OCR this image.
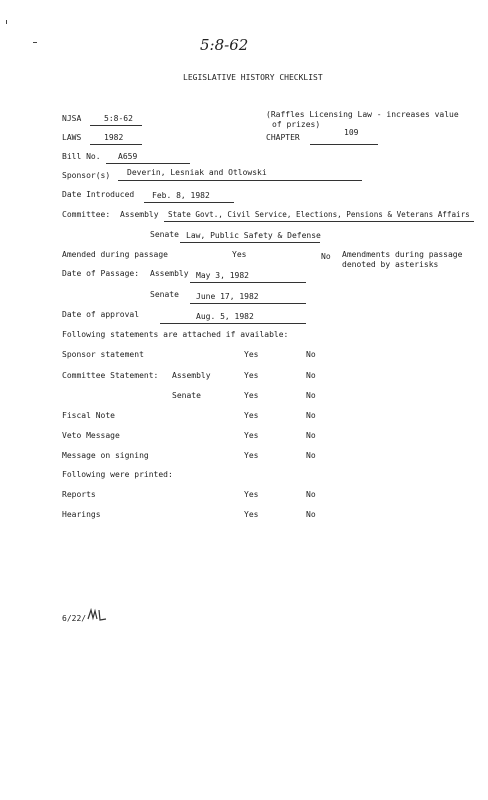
5:8-62
LEGISLATIVE HISTORY CHECKLIST
NJSA	5:8-62	(Raffles Licensing Law - increases value
of prizes)
LAWS	1982	CHAPTER
109
Bill No. A659
Sponsor(s) Deverin, Lesniak and Otlowski
Date Introduced Feb. 8, 1982
Committee: Assembly State Govt., Civil Service, Elections, Pensions & Veterans Affairs
Senate Law, Public Safety & Defense
Amended during passage	Yes	No Amendments during passage
denoted by asterisks
Date of Passage: Assembly May 3, 1982
Senate June 17, 1982
Date of approval	Aug. 5, 1982
Following statements are attached if available:
Sponsor statement	Yes	No
Committee Statement: Assembly	Yes	No
Senate	Yes	No
Fiscal Note	Yes	No
Veto Message	Yes	No
Message on signing	Yes	No
Following were printed:
Reports	Yes	No
Hearings	Yes	No
6/22/
